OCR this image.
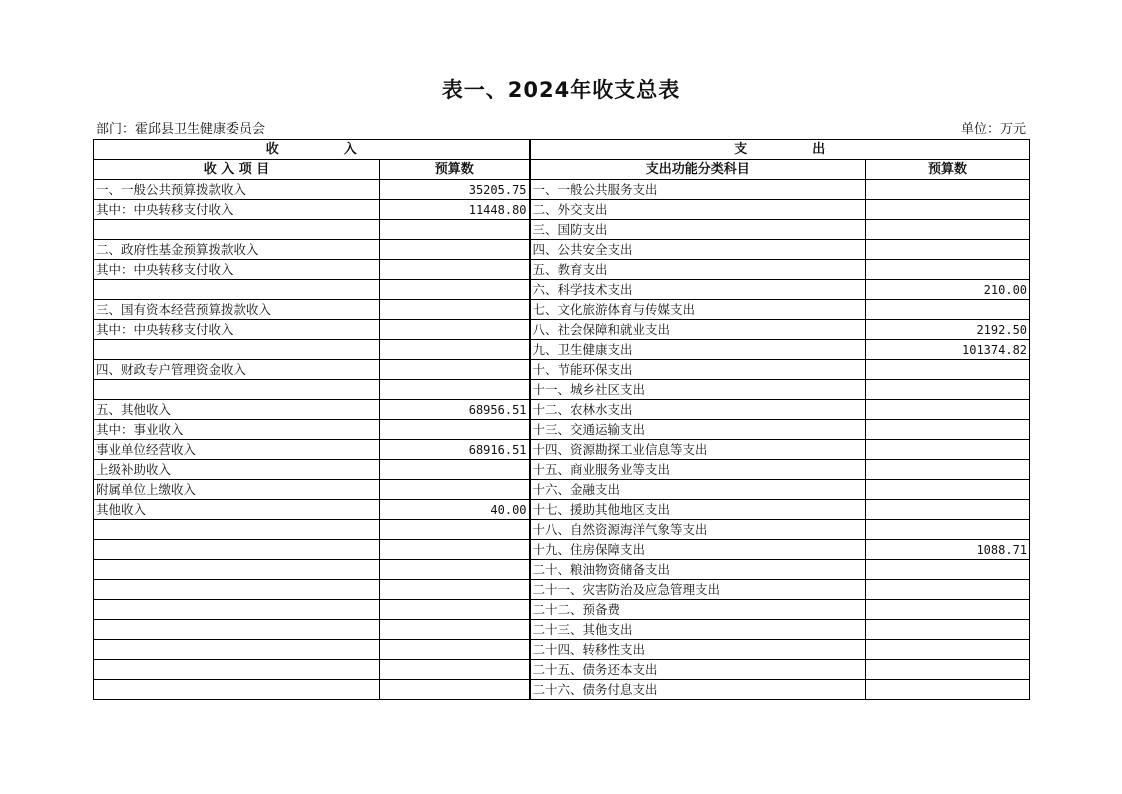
表一、2024年收支总表
部门：霍邱县卫生健康委员会	单位：万元
收　　　　　入		支　　　　　出	
收 入 项 目	预算数	支出功能分类科目	预算数
一、一般公共预算拨款收入	35205.75	一、一般公共服务支出	
其中：中央转移支付收入	11448.80	二、外交支出	
		三、国防支出	
二、政府性基金预算拨款收入		四、公共安全支出	
其中：中央转移支付收入		五、教育支出	
		六、科学技术支出	210.00
三、国有资本经营预算拨款收入		七、文化旅游体育与传媒支出	
其中：中央转移支付收入		八、社会保障和就业支出	2192.50
		九、卫生健康支出	101374.82
四、财政专户管理资金收入		十、节能环保支出	
		十一、城乡社区支出	
五、其他收入	68956.51	十二、农林水支出	
其中：事业收入		十三、交通运输支出	
事业单位经营收入	68916.51	十四、资源勘探工业信息等支出	
上级补助收入		十五、商业服务业等支出	
附属单位上缴收入		十六、金融支出	
其他收入	40.00	十七、援助其他地区支出	
		十八、自然资源海洋气象等支出	
		十九、住房保障支出	1088.71
		二十、粮油物资储备支出	
		二十一、灾害防治及应急管理支出	
		二十二、预备费	
		二十三、其他支出	
		二十四、转移性支出	
		二十五、债务还本支出	
		二十六、债务付息支出	
